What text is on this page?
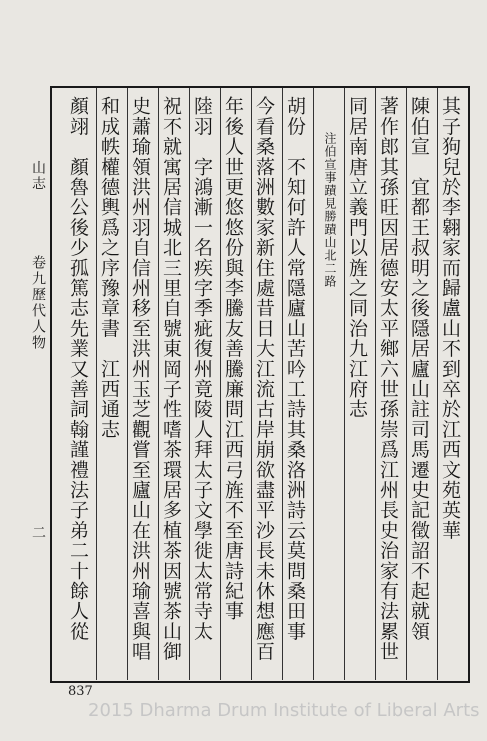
其子狗兒於李翱家而歸盧山不到卒於江西文苑英華
陳伯宣　宜都王叔明之後隱居廬山註司馬遷史記徵詔不起就領
著作郎其孫旺因居德安太平鄉六世孫崇爲江州長史治家有法累世
同居南唐立義門以旌之同治九江府志
注伯宣事蹟見勝蹟山北二路
胡份　不知何許人常隱廬山苦吟工詩其桑洛洲詩云莫問桑田事
今看桑落洲數家新住處昔日大江流古岸崩欲盡平沙長未休想應百
年後人世更悠悠份與李騰友善騰廉問江西弓旌不至唐詩紀事
陸羽　字鴻漸一名疾字季疵復州竟陵人拜太子文學徙太常寺太
祝不就寓居信城北三里自號東岡子性嗜茶環居多植茶因號茶山御
史蕭瑜領洪州羽自信州移至洪州玉芝觀嘗至廬山在洪州瑜喜與唱
和成帙權德輿爲之序豫章書　江西通志
顏翊　顏魯公後少孤篤志先業又善詞翰謹禮法子弟二十餘人從
山志
卷九歷代人物
二
837
2015 Dharma Drum Institute of Liberal Arts
